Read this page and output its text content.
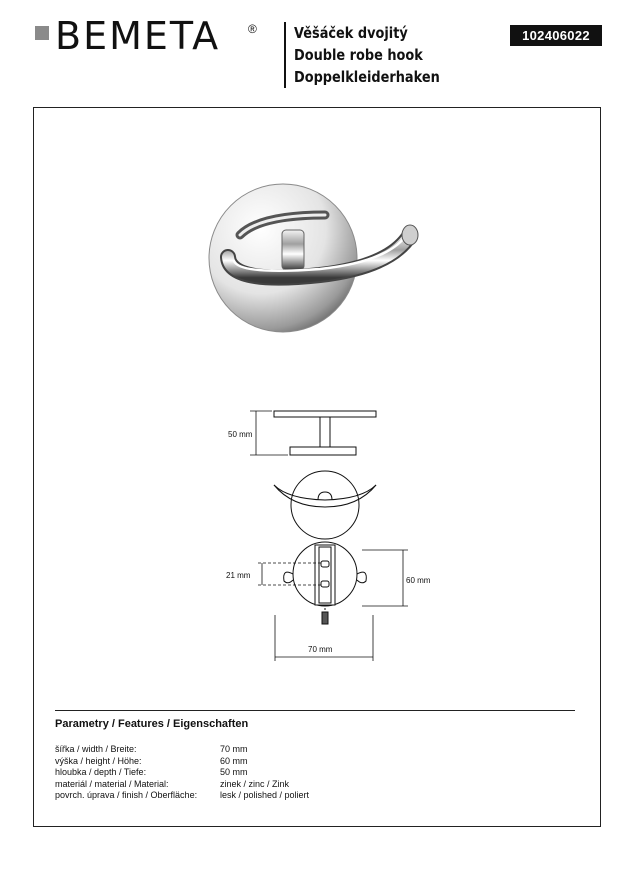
BEMETA ® Věšáček dvojitý
Double robe hook
Doppelkleiderhaken
102406022
50 mm
21 mm
60 mm
70 mm
Parametry / Features / Eigenschaften
šířka / width / Breite:	70 mm
výška / height / Höhe:	60 mm
hloubka / depth / Tiefe:	50 mm
materiál / material / Material:	zinek / zinc / Zink
povrch. úprava / finish / Oberfläche:	lesk / polished / poliert
